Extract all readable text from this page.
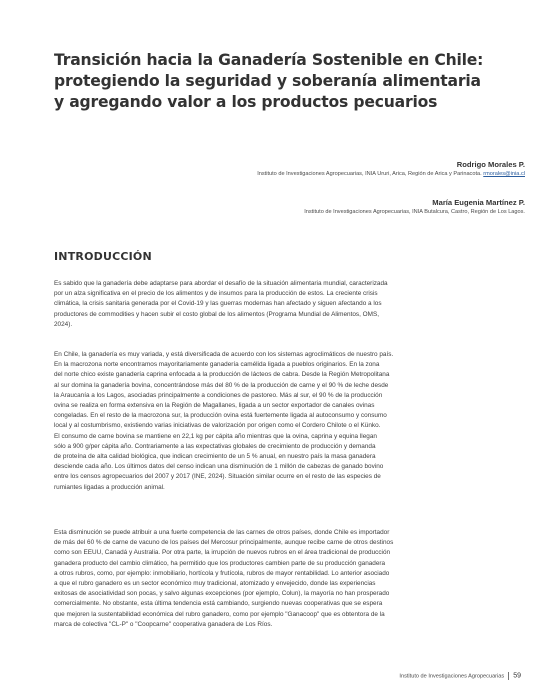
Transición hacia la Ganadería Sostenible en Chile:
protegiendo la seguridad y soberanía alimentaria
y agregando valor a los productos pecuarios
Rodrigo Morales P.
Instituto de Investigaciones Agropecuarias, INIA Ururi, Arica, Región de Arica y Parinacota. rmorales@inia.cl
María Eugenia Martínez P.
Instituto de Investigaciones Agropecuarias, INIA Butalcura, Castro, Región de Los Lagos.
INTRODUCCIÓN
Es sabido que la ganadería debe adaptarse para abordar el desafío de la situación alimentaria mundial, caracterizada
por un alza significativa en el precio de los alimentos y de insumos para la producción de estos. La creciente crisis
climática, la crisis sanitaria generada por el Covid-19 y las guerras modernas han afectado y siguen afectando a los
productores de commodities y hacen subir el costo global de los alimentos (Programa Mundial de Alimentos, OMS,
2024).
En Chile, la ganadería es muy variada, y está diversificada de acuerdo con los sistemas agroclimáticos de nuestro país.
En la macrozona norte encontramos mayoritariamente ganadería camélida ligada a pueblos originarios. En la zona
del norte chico existe ganadería caprina enfocada a la producción de lácteos de cabra. Desde la Región Metropolitana
al sur domina la ganadería bovina, concentrándose más del 80 % de la producción de carne y el 90 % de leche desde
la Araucanía a los Lagos, asociadas principalmente a condiciones de pastoreo. Más al sur, el 90 % de la producción
ovina se realiza en forma extensiva en la Región de Magallanes, ligada a un sector exportador de canales ovinas
congeladas. En el resto de la macrozona sur, la producción ovina está fuertemente ligada al autoconsumo y consumo
local y al costumbrismo, existiendo varias iniciativas de valorización por origen como el Cordero Chilote o el Künko.
El consumo de carne bovina se mantiene en 22,1 kg per cápita año mientras que la ovina, caprina y equina llegan
sólo a 900 g/per cápita año. Contrariamente a las expectativas globales de crecimiento de producción y demanda
de proteína de alta calidad biológica, que indican crecimiento de un 5 % anual, en nuestro país la masa ganadera
desciende cada año. Los últimos datos del censo indican una disminución de 1 millón de cabezas de ganado bovino
entre los censos agropecuarios del 2007 y 2017 (INE, 2024). Situación similar ocurre en el resto de las especies de
rumiantes ligadas a producción animal.
Esta disminución se puede atribuir a una fuerte competencia de las carnes de otros países, donde Chile es importador
de más del 60 % de carne de vacuno de los países del Mercosur principalmente, aunque recibe carne de otros destinos
como son EEUU, Canadá y Australia. Por otra parte, la irrupción de nuevos rubros en el área tradicional de producción
ganadera producto del cambio climático, ha permitido que los productores cambien parte de su producción ganadera
a otros rubros, como, por ejemplo: inmobiliario, hortícola y frutícola, rubros de mayor rentabilidad. Lo anterior asociado
a que el rubro ganadero es un sector económico muy tradicional, atomizado y envejecido, donde las experiencias
exitosas de asociatividad son pocas, y salvo algunas excepciones (por ejemplo, Colun), la mayoría no han prosperado
comercialmente. No obstante, esta última tendencia está cambiando, surgiendo nuevas cooperativas que se espera
que mejoren la sustentabilidad económica del rubro ganadero, como por ejemplo "Ganacoop" que es obtentora de la
marca de colectiva "CL-P" o "Coopcarne" cooperativa ganadera de Los Ríos.
Instituto de Investigaciones Agropecuarias 59
